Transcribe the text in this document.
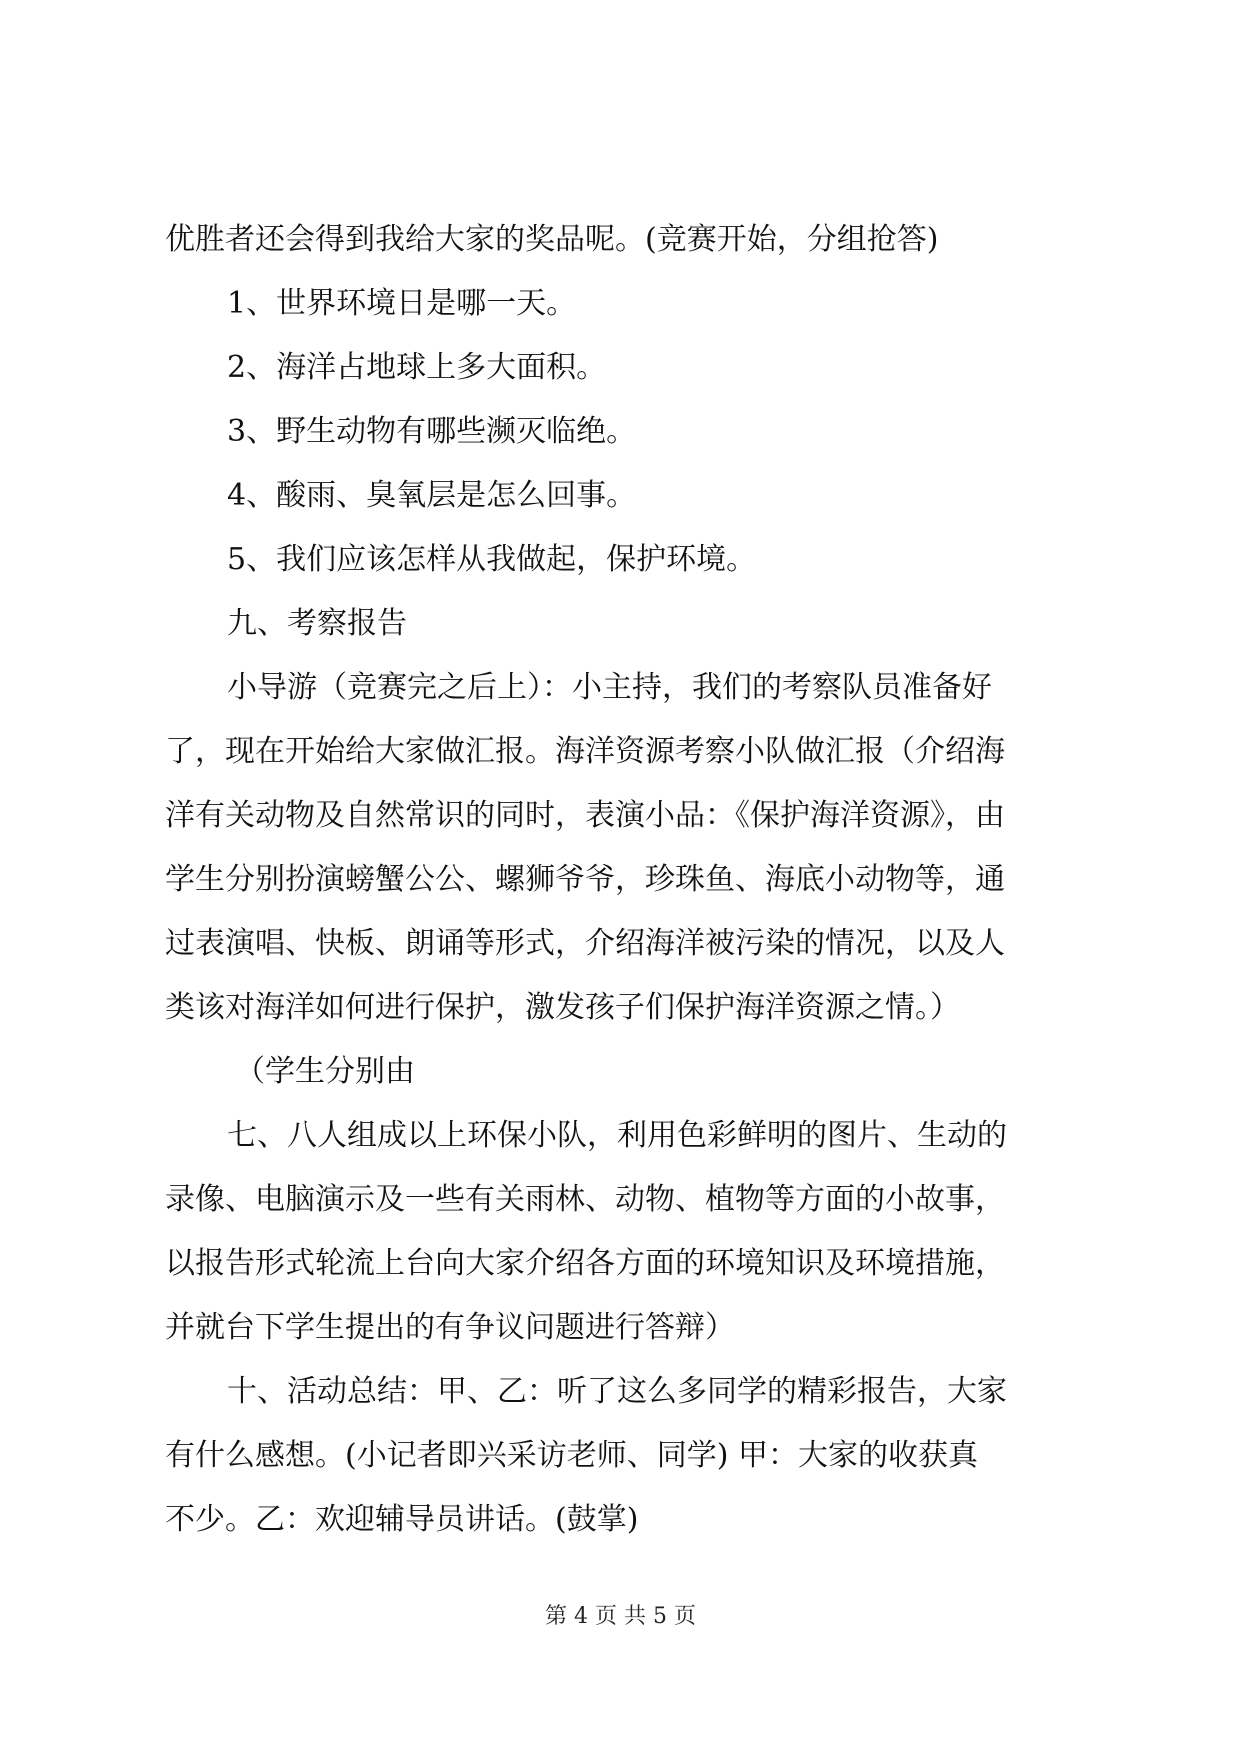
优胜者还会得到我给大家的奖品呢。(竞赛开始，分组抢答)
1、世界环境日是哪一天。
2、海洋占地球上多大面积。
3、野生动物有哪些濒灭临绝。
4、酸雨、臭氧层是怎么回事。
5、我们应该怎样从我做起，保护环境。
九、考察报告
小导游（竞赛完之后上）：小主持，我们的考察队员准备好
了，现在开始给大家做汇报。海洋资源考察小队做汇报（介绍海
洋有关动物及自然常识的同时，表演小品：《保护海洋资源》，由
学生分别扮演螃蟹公公、螺狮爷爷，珍珠鱼、海底小动物等，通
过表演唱、快板、朗诵等形式，介绍海洋被污染的情况，以及人
类该对海洋如何进行保护，激发孩子们保护海洋资源之情。）
（学生分别由
七、八人组成以上环保小队，利用色彩鲜明的图片、生动的
录像、电脑演示及一些有关雨林、动物、植物等方面的小故事，
以报告形式轮流上台向大家介绍各方面的环境知识及环境措施，
并就台下学生提出的有争议问题进行答辩）
十、活动总结：甲、乙：听了这么多同学的精彩报告，大家
有什么感想。(小记者即兴采访老师、同学) 甲：大家的收获真
不少。乙：欢迎辅导员讲话。(鼓掌)
第 4 页 共 5 页
